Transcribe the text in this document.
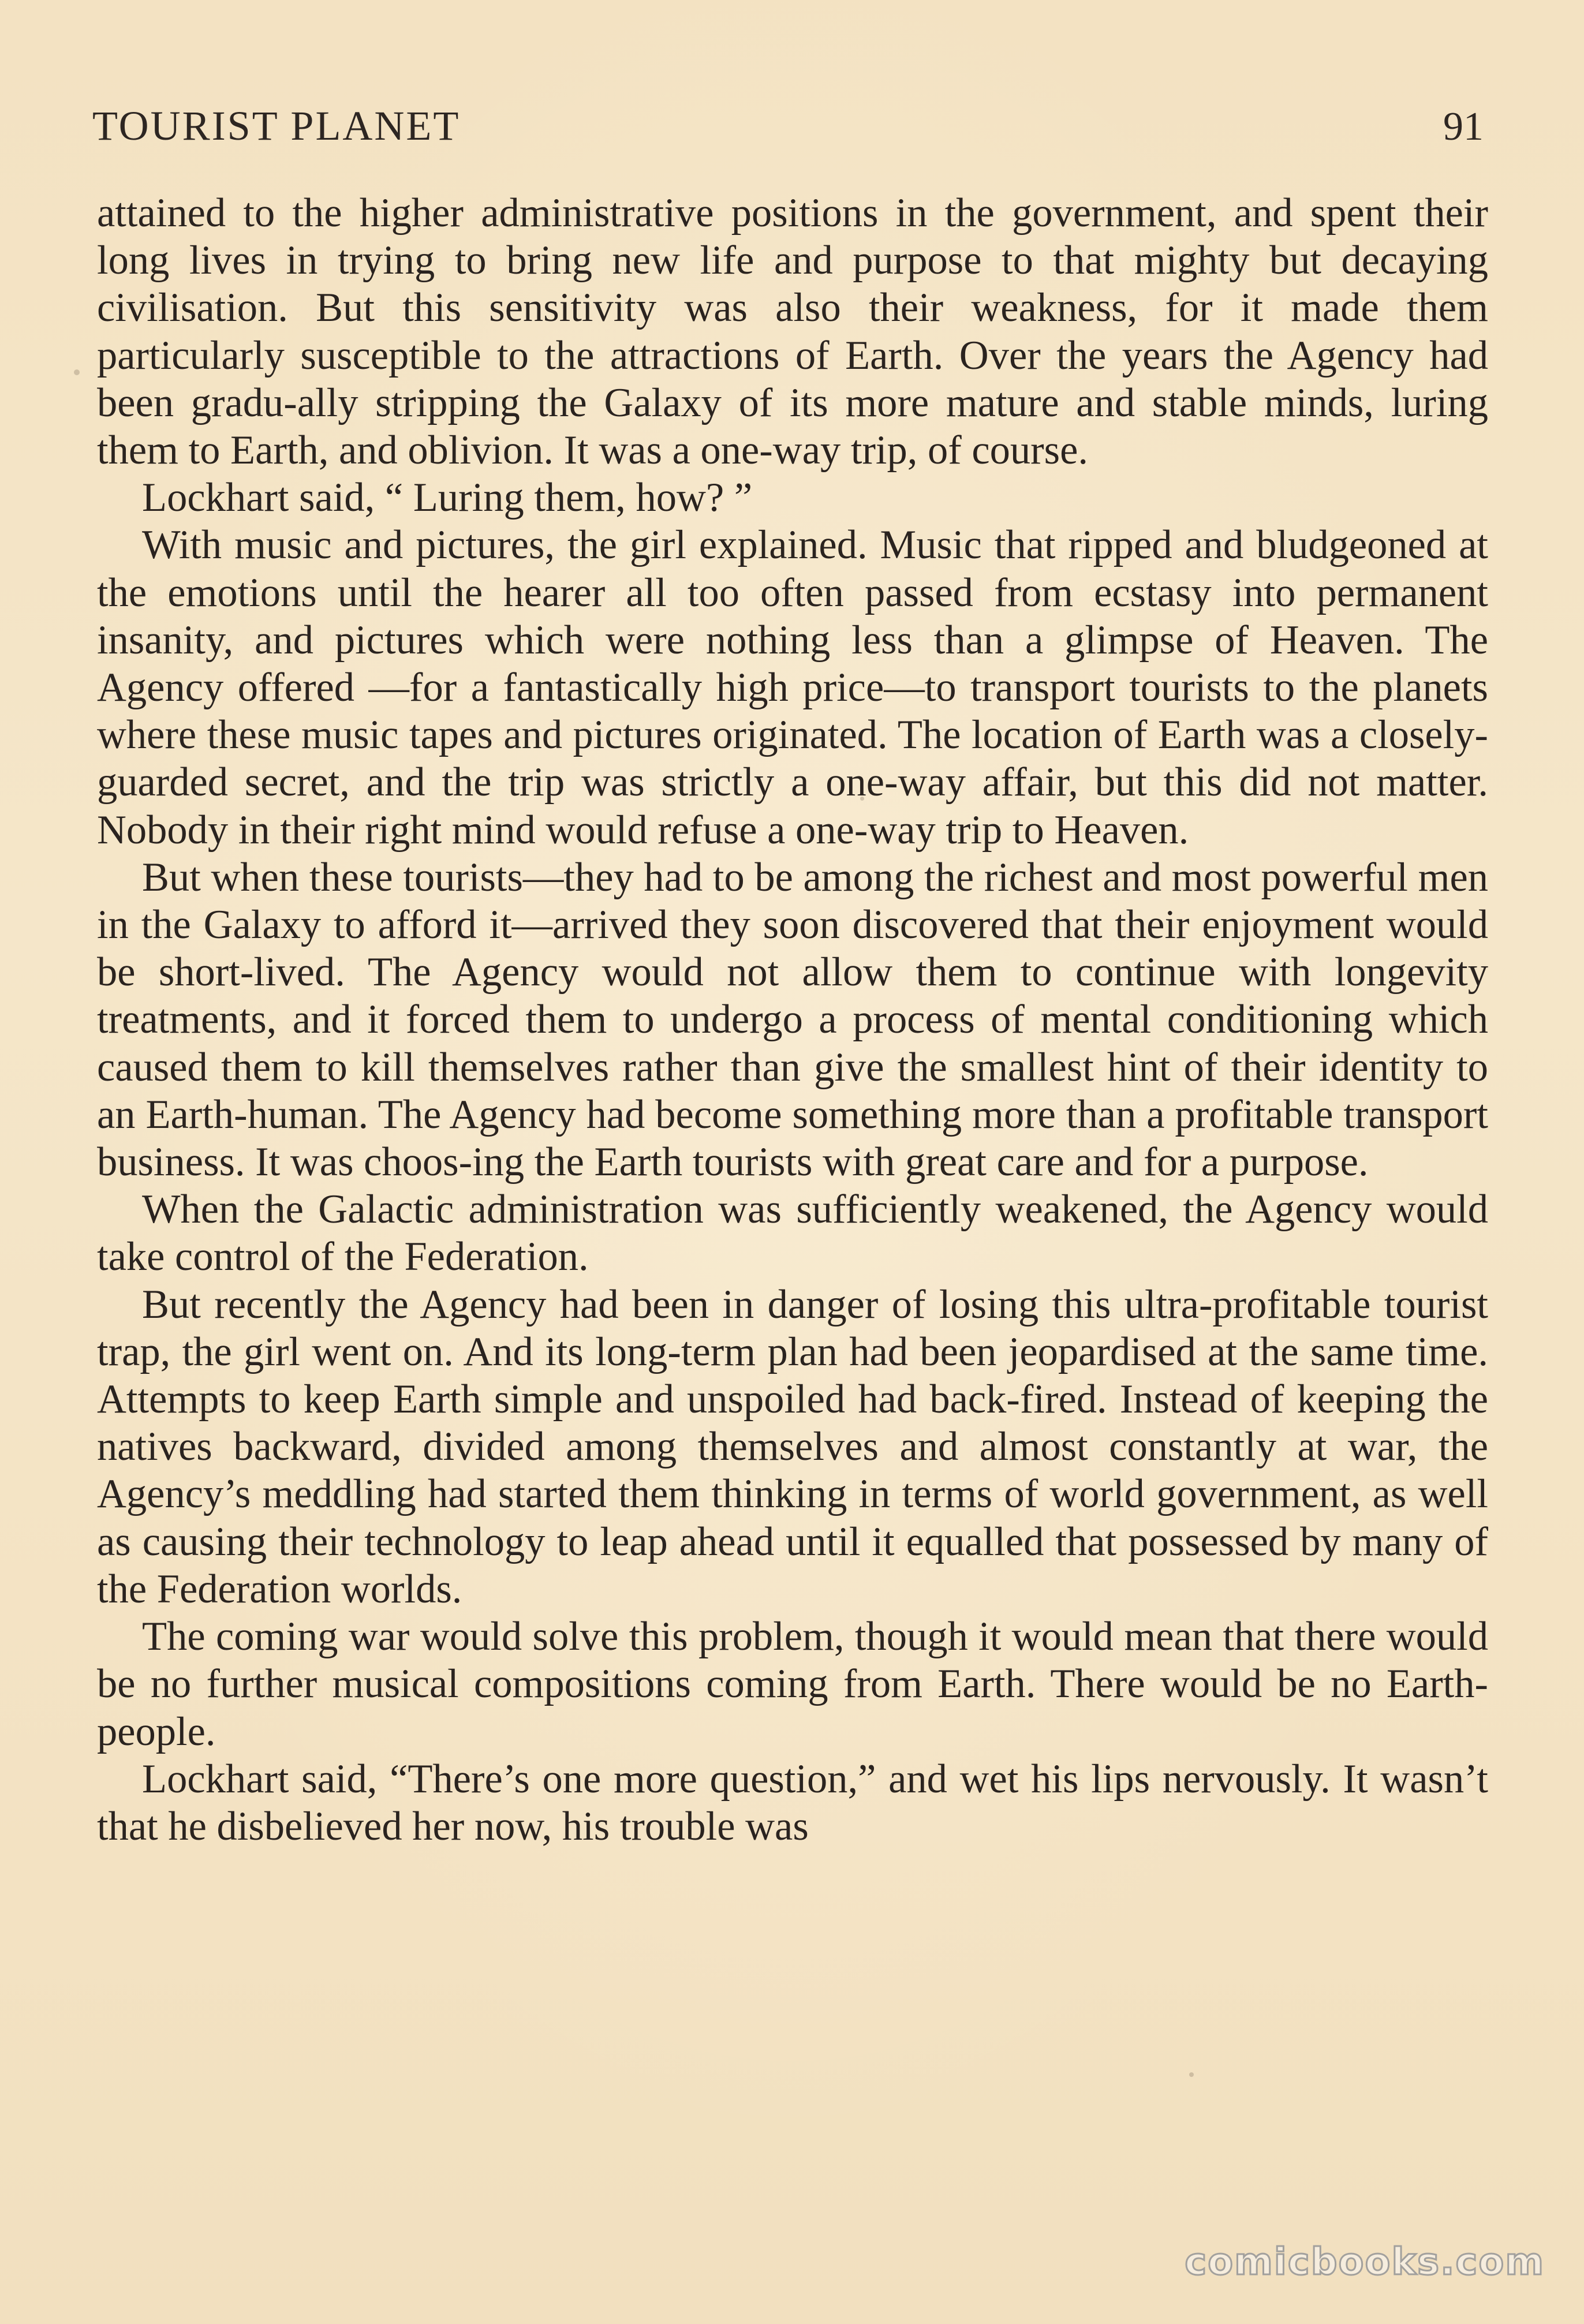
TOURIST PLANET	91

attained to the higher administrative positions in the government, and spent their long lives in trying to bring new life and purpose to that mighty but decaying civilisation. But this sensitivity was also their weakness, for it made them particularly susceptible to the attractions of Earth. Over the years the Agency had been gradu-ally stripping the Galaxy of its more mature and stable minds, luring them to Earth, and oblivion. It was a one-way trip, of course.

Lockhart said, “ Luring them, how? ”

With music and pictures, the girl explained. Music that ripped and bludgeoned at the emotions until the hearer all too often passed from ecstasy into permanent insanity, and pictures which were nothing less than a glimpse of Heaven. The Agency offered —for a fantastically high price—to transport tourists to the planets where these music tapes and pictures originated. The location of Earth was a closely-guarded secret, and the trip was strictly a one-way affair, but this did not matter. Nobody in their right mind would refuse a one-way trip to Heaven.

But when these tourists—they had to be among the richest and most powerful men in the Galaxy to afford it—arrived they soon discovered that their enjoyment would be short-lived. The Agency would not allow them to continue with longevity treatments, and it forced them to undergo a process of mental conditioning which caused them to kill themselves rather than give the smallest hint of their identity to an Earth-human. The Agency had become something more than a profitable transport business. It was choos-ing the Earth tourists with great care and for a purpose.

When the Galactic administration was sufficiently weakened, the Agency would take control of the Federation.

But recently the Agency had been in danger of losing this ultra-profitable tourist trap, the girl went on. And its long-term plan had been jeopardised at the same time. Attempts to keep Earth simple and unspoiled had back-fired. Instead of keeping the natives backward, divided among themselves and almost constantly at war, the Agency’s meddling had started them thinking in terms of world government, as well as causing their technology to leap ahead until it equalled that possessed by many of the Federation worlds.

The coming war would solve this problem, though it would mean that there would be no further musical compositions coming from Earth. There would be no Earth-people.

Lockhart said, “There’s one more question,” and wet his lips nervously. It wasn’t that he disbelieved her now, his trouble was

comicbooks.com
